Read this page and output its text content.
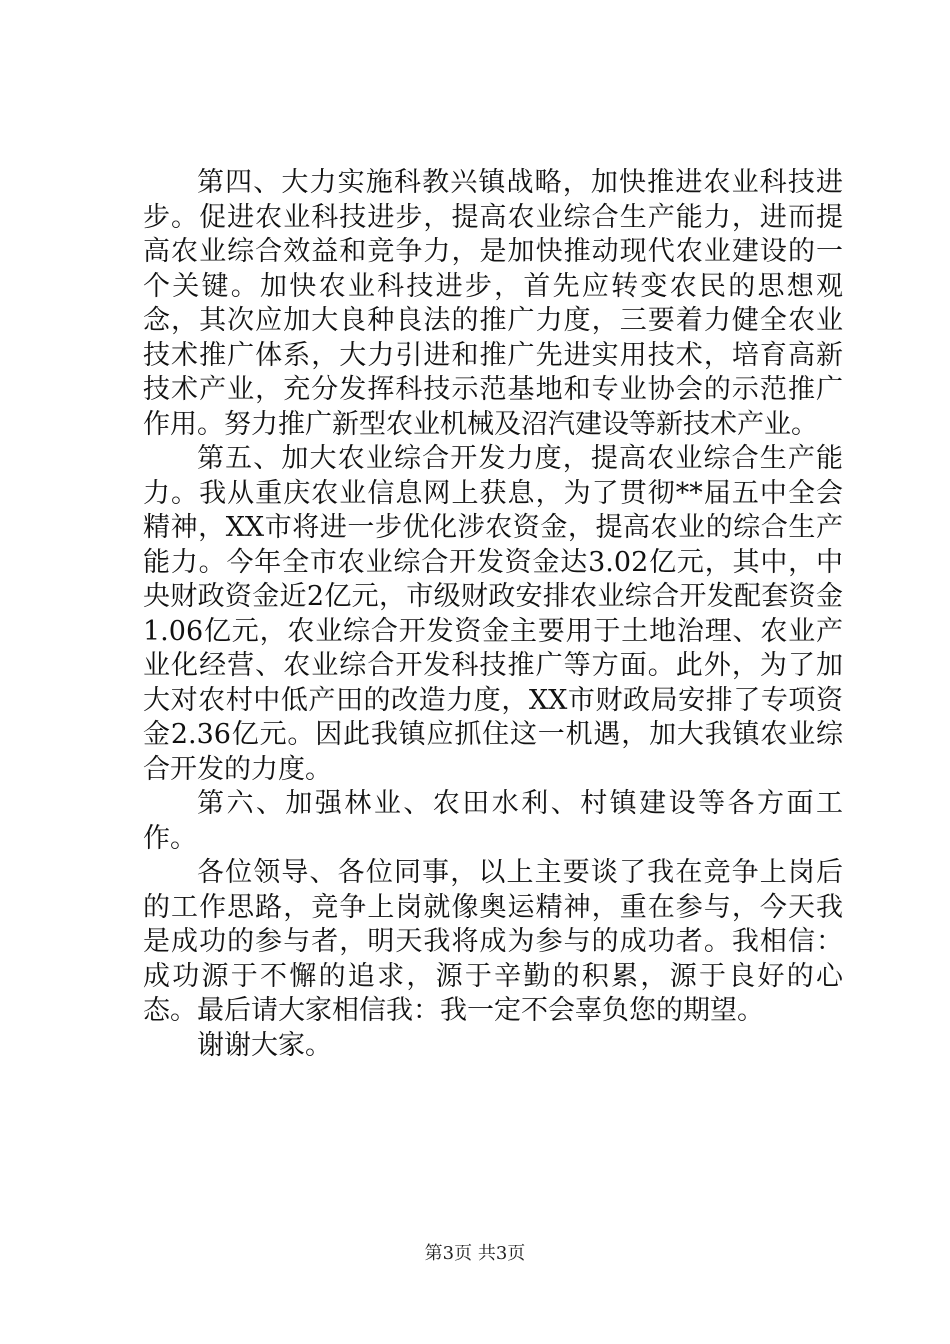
第四、大力实施科教兴镇战略，加快推进农业科技进步。促进农业科技进步，提高农业综合生产能力，进而提高农业综合效益和竞争力，是加快推动现代农业建设的一个关键。加快农业科技进步，首先应转变农民的思想观念，其次应加大良种良法的推广力度，三要着力健全农业技术推广体系，大力引进和推广先进实用技术，培育高新技术产业，充分发挥科技示范基地和专业协会的示范推广作用。努力推广新型农业机械及沼汽建设等新技术产业。

第五、加大农业综合开发力度，提高农业综合生产能力。我从重庆农业信息网上获息，为了贯彻**届五中全会精神，XX市将进一步优化涉农资金，提高农业的综合生产能力。今年全市农业综合开发资金达3.02亿元，其中，中央财政资金近2亿元，市级财政安排农业综合开发配套资金1.06亿元，农业综合开发资金主要用于土地治理、农业产业化经营、农业综合开发科技推广等方面。此外，为了加大对农村中低产田的改造力度，XX市财政局安排了专项资金2.36亿元。因此我镇应抓住这一机遇，加大我镇农业综合开发的力度。

第六、加强林业、农田水利、村镇建设等各方面工作。

各位领导、各位同事，以上主要谈了我在竞争上岗后的工作思路，竞争上岗就像奥运精神，重在参与，今天我是成功的参与者，明天我将成为参与的成功者。我相信：成功源于不懈的追求，源于辛勤的积累，源于良好的心态。最后请大家相信我：我一定不会辜负您的期望。

谢谢大家。

第3页 共3页
